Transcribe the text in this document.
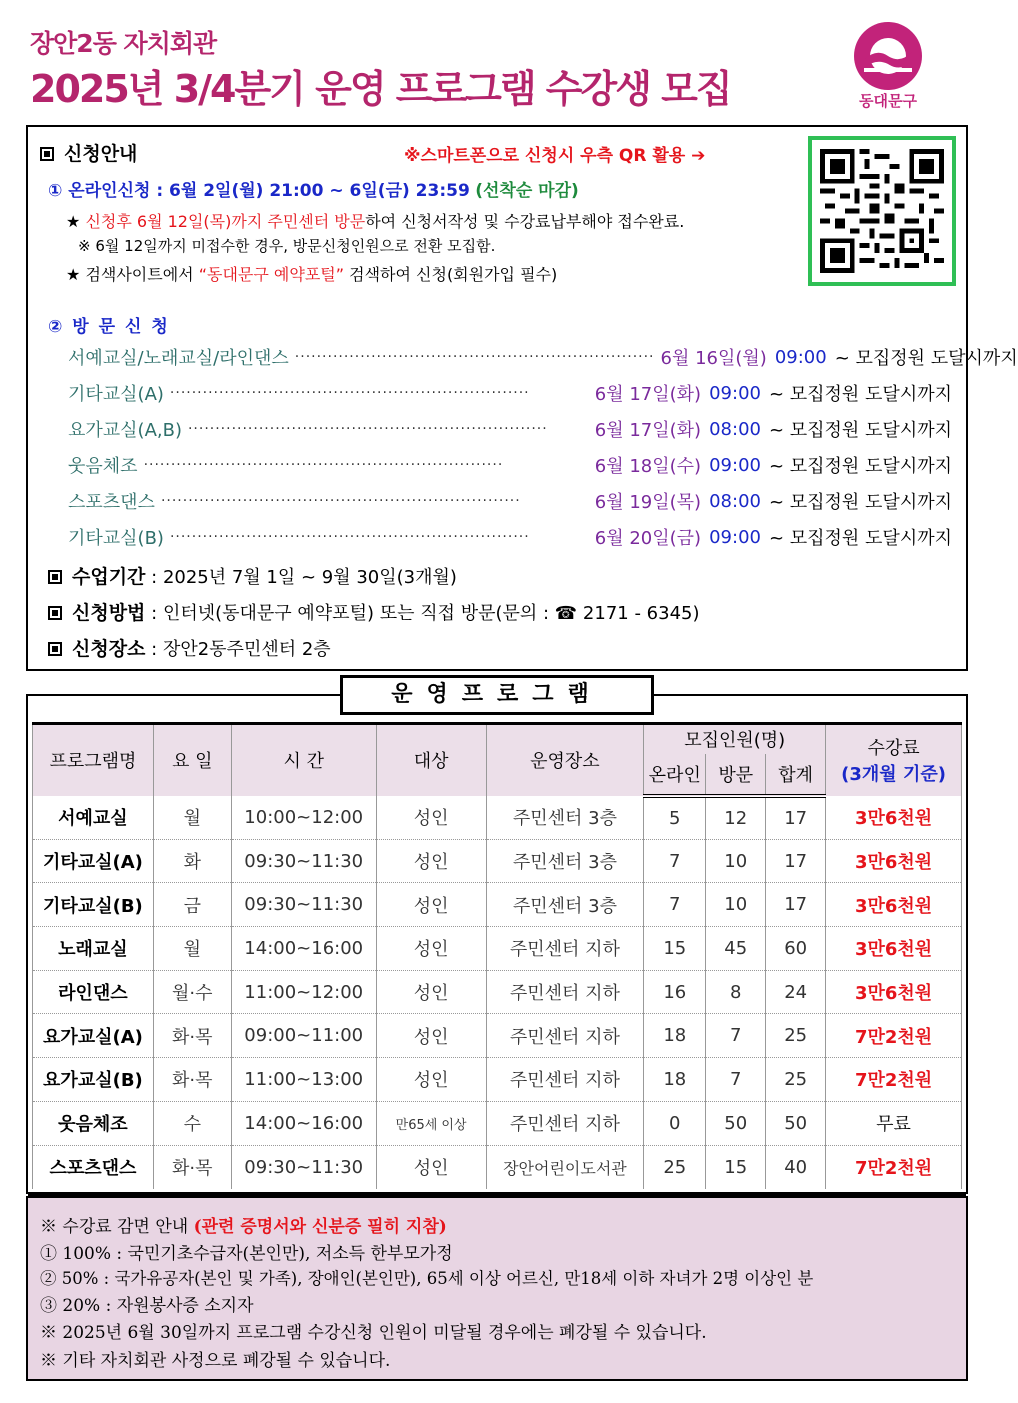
장안2동 자치회관
2025년 3/4분기 운영 프로그램 수강생 모집	동대문구
신청안내	※스마트폰으로 신청시 우측 QR 활용 ➔
① 온라인신청 : 6월 2일(월) 21:00 ~ 6일(금) 23:59 (선착순 마감)
★ 신청후 6월 12일(목)까지 주민센터 방문하여 신청서작성 및 수강료납부해야 접수완료.
※ 6월 12일까지 미접수한 경우, 방문신청인원으로 전환 모집함.
★ 검색사이트에서 “동대문구 예약포털” 검색하여 신청(회원가입 필수)
② 방 문 신 청
서예교실/노래교실/라인댄스 ·································································· 6월 16일(월) 09:00 ~ 모집정원 도달시까지
기타교실(A) ··································································	6월 17일(화) 09:00 ~ 모집정원 도달시까지
요가교실(A,B) ··································································	6월 17일(화) 08:00 ~ 모집정원 도달시까지
웃음체조 ··································································	6월 18일(수) 09:00 ~ 모집정원 도달시까지
스포츠댄스 ··································································	6월 19일(목) 08:00 ~ 모집정원 도달시까지
기타교실(B) ··································································	6월 20일(금) 09:00 ~ 모집정원 도달시까지
수업기간 : 2025년 7월 1일 ~ 9월 30일(3개월)
신청방법 : 인터넷(동대문구 예약포털) 또는 직접 방문(문의 : ☎ 2171 - 6345)
신청장소 : 장안2동주민센터 2층
운영프로그램
프로그램명	요 일	시 간	대상	운영장소	모집인원(명)			수강료
(3개월 기준)

					온라인	방문	합계	
서예교실	월	10:00~12:00	성인	주민센터 3층	5	12	17	3만6천원
기타교실(A)	화	09:30~11:30	성인	주민센터 3층	7	10	17	3만6천원
기타교실(B)	금	09:30~11:30	성인	주민센터 3층	7	10	17	3만6천원
노래교실	월	14:00~16:00	성인	주민센터 지하	15	45	60	3만6천원
라인댄스	월·수	11:00~12:00	성인	주민센터 지하	16	8	24	3만6천원
요가교실(A)	화·목	09:00~11:00	성인	주민센터 지하	18	7	25	7만2천원
요가교실(B)	화·목	11:00~13:00	성인	주민센터 지하	18	7	25	7만2천원
웃음체조	수	14:00~16:00	만65세 이상	주민센터 지하	0	50	50	무료
스포츠댄스	화·목	09:30~11:30	성인	장안어린이도서관	25	15	40	7만2천원
※ 수강료 감면 안내 (관련 증명서와 신분증 필히 지참)
① 100% : 국민기초수급자(본인만), 저소득 한부모가정
② 50% : 국가유공자(본인 및 가족), 장애인(본인만), 65세 이상 어르신, 만18세 이하 자녀가 2명 이상인 분
③ 20% : 자원봉사증 소지자
※ 2025년 6월 30일까지 프로그램 수강신청 인원이 미달될 경우에는 폐강될 수 있습니다.
※ 기타 자치회관 사정으로 폐강될 수 있습니다.
